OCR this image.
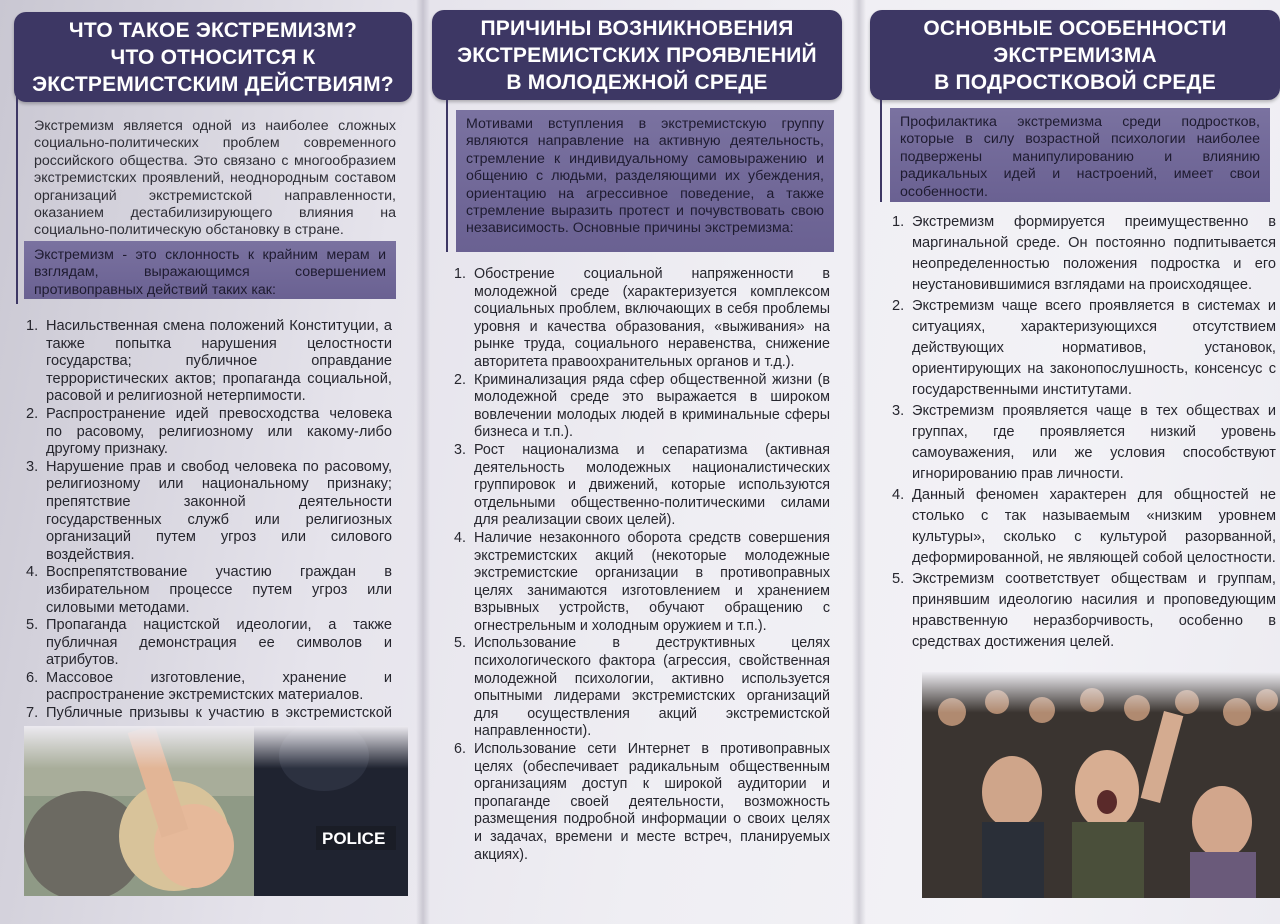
ЧТО ТАКОЕ ЭКСТРЕМИЗМ?
ЧТО ОТНОСИТСЯ К
ЭКСТРЕМИСТСКИМ ДЕЙСТВИЯМ?
Экстремизм является одной из наиболее сложных социально-политических проблем современного российского общества. Это связано с многообразием экстремистских проявлений, неоднородным составом организаций экстремистской направленности, оказанием дестабилизирующего влияния на социально-политическую обстановку в стране.
Экстремизм - это склонность к крайним мерам и взглядам, выражающимся совершением противоправных действий таких как:
1. Насильственная смена положений Конституции, а также попытка нарушения целостности государства; публичное оправдание террористических актов; пропаганда социальной, расовой и религиозной нетерпимости.
2. Распространение идей превосходства человека по расовому, религиозному или какому-либо другому признаку.
3. Нарушение прав и свобод человека по расовому, религиозному или национальному признаку; препятствие законной деятельности государственных служб или религиозных организаций путем угроз или силового воздействия.
4. Воспрепятствование участию граждан в избирательном процессе путем угроз или силовыми методами.
5. Пропаганда нацистской идеологии, а также публичная демонстрация ее символов и атрибутов.
6. Массовое изготовление, хранение и распространение экстремистских материалов.
7. Публичные призывы к участию в экстремистской
ПРИЧИНЫ ВОЗНИКНОВЕНИЯ
ЭКСТРЕМИСТСКИХ ПРОЯВЛЕНИЙ
В МОЛОДЕЖНОЙ СРЕДЕ
Мотивами вступления в экстремистскую группу являются направление на активную деятельность, стремление к индивидуальному самовыражению и общению с людьми, разделяющими их убеждения, ориентацию на агрессивное поведение, а также стремление выразить протест и почувствовать свою независимость. Основные причины экстремизма:
1. Обострение социальной напряженности в молодежной среде (характеризуется комплексом социальных проблем, включающих в себя проблемы уровня и качества образования, «выживания» на рынке труда, социального неравенства, снижение авторитета правоохранительных органов и т.д.).
2. Криминализация ряда сфер общественной жизни (в молодежной среде это выражается в широком вовлечении молодых людей в криминальные сферы бизнеса и т.п.).
3. Рост национализма и сепаратизма (активная деятельность молодежных националистических группировок и движений, которые используются отдельными общественно-политическими силами для реализации своих целей).
4. Наличие незаконного оборота средств совершения экстремистских акций (некоторые молодежные экстремистские организации в противоправных целях занимаются изготовлением и хранением взрывных устройств, обучают обращению с огнестрельным и холодным оружием и т.п.).
5. Использование в деструктивных целях психологического фактора (агрессия, свойственная молодежной психологии, активно используется опытными лидерами экстремистских организаций для осуществления акций экстремистской направленности).
6. Использование сети Интернет в противоправных целях (обеспечивает радикальным общественным организациям доступ к широкой аудитории и пропаганде своей деятельности, возможность размещения подробной информации о своих целях и задачах, времени и месте встреч, планируемых акциях).
ОСНОВНЫЕ ОСОБЕННОСТИ
ЭКСТРЕМИЗМА
В ПОДРОСТКОВОЙ СРЕДЕ
Профилактика экстремизма среди подростков, которые в силу возрастной психологии наиболее подвержены манипулированию и влиянию радикальных идей и настроений, имеет свои особенности.
1. Экстремизм формируется преимущественно в маргинальной среде. Он постоянно подпитывается неопределенностью положения подростка и его неустановившимися взглядами на происходящее.
2. Экстремизм чаще всего проявляется в системах и ситуациях, характеризующихся отсутствием действующих нормативов, установок, ориентирующих на законопослушность, консенсус с государственными институтами.
3. Экстремизм проявляется чаще в тех обществах и группах, где проявляется низкий уровень самоуважения, или же условия способствуют игнорированию прав личности.
4. Данный феномен характерен для общностей не столько с так называемым «низким уровнем культуры», сколько с культурой разорванной, деформированной, не являющей собой целостности.
5. Экстремизм соответствует обществам и группам, принявшим идеологию насилия и проповедующим нравственную неразборчивость, особенно в средствах достижения целей.
